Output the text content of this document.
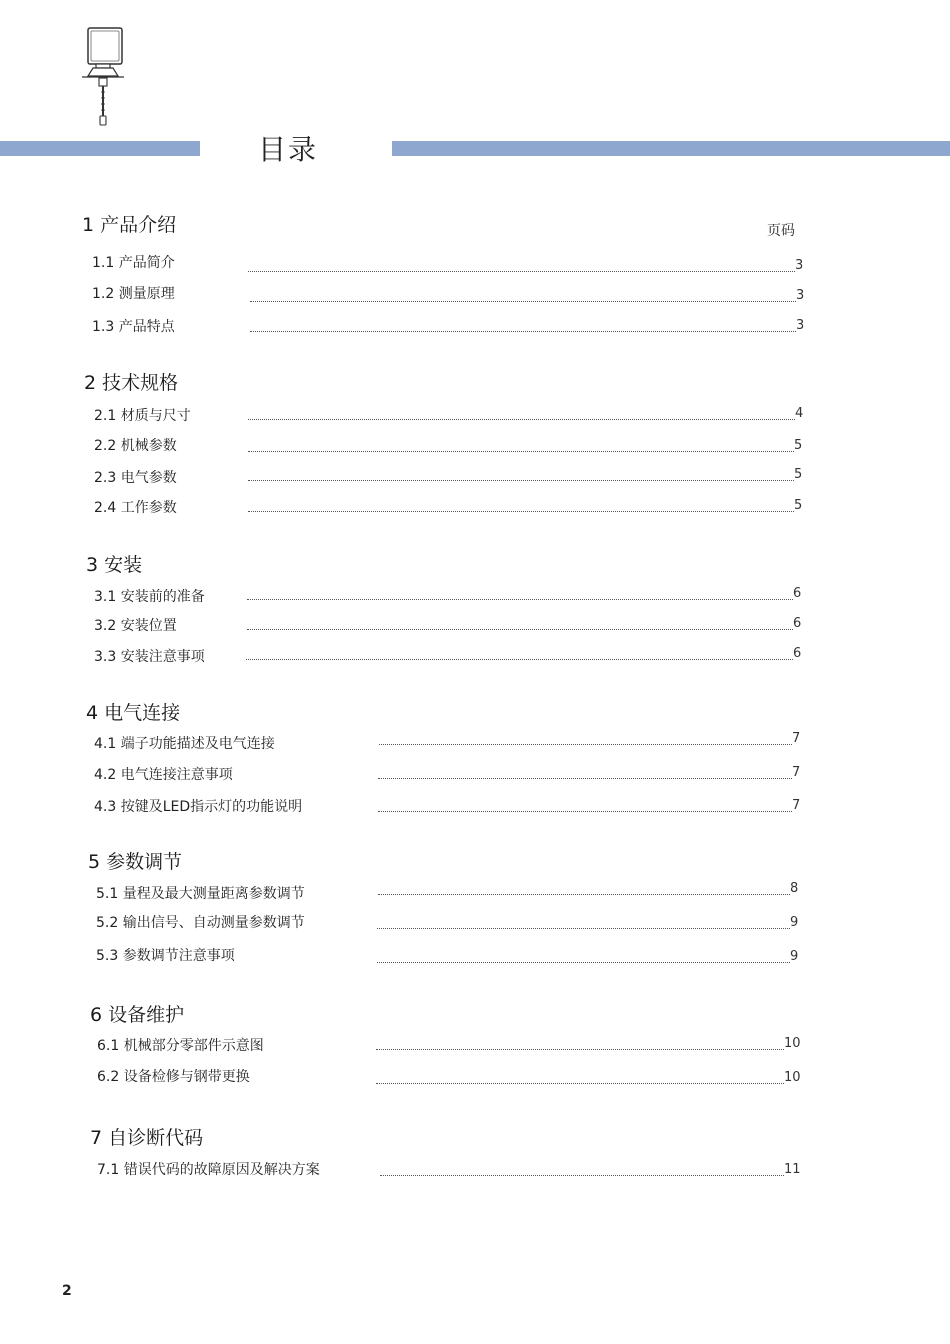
目录
页码
1 产品介绍
1.1 产品简介	3
1.2 测量原理	3
1.3 产品特点	3
2 技术规格
2.1 材质与尺寸	4
2.2 机械参数	5
2.3 电气参数	5
2.4 工作参数	5
3 安装
3.1 安装前的准备	6
3.2 安装位置	6
3.3 安装注意事项	6
4 电气连接
4.1 端子功能描述及电气连接	7
4.2 电气连接注意事项	7
4.3 按键及LED指示灯的功能说明	7
5 参数调节
5.1 量程及最大测量距离参数调节	8
5.2 输出信号、自动测量参数调节	9
5.3 参数调节注意事项	9
6 设备维护
6.1 机械部分零部件示意图	10
6.2 设备检修与钢带更换	10
7 自诊断代码
7.1 错误代码的故障原因及解决方案	11
2
